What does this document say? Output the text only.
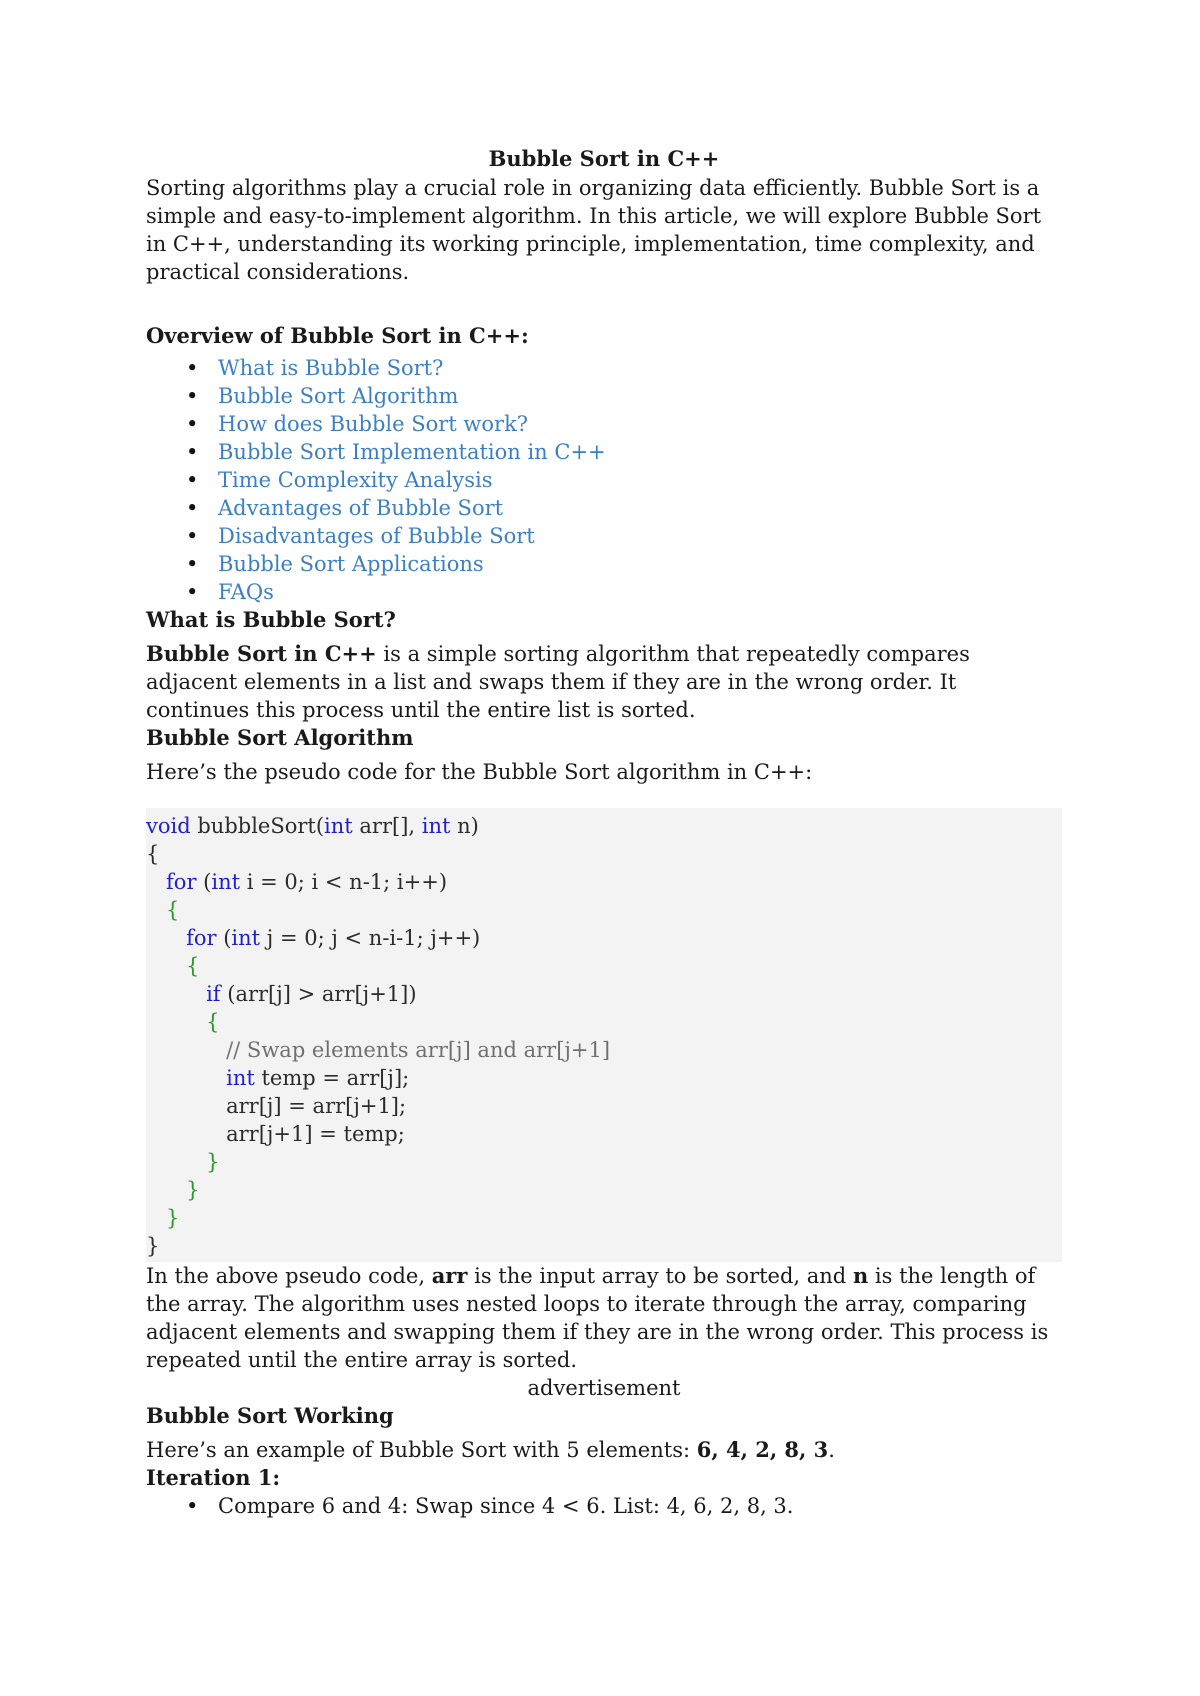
Bubble Sort in C++

Sorting algorithms play a crucial role in organizing data efficiently. Bubble Sort is a simple and easy-to-implement algorithm. In this article, we will explore Bubble Sort in C++, understanding its working principle, implementation, time complexity, and practical considerations.

Overview of Bubble Sort in C++:
• What is Bubble Sort?
• Bubble Sort Algorithm
• How does Bubble Sort work?
• Bubble Sort Implementation in C++
• Time Complexity Analysis
• Advantages of Bubble Sort
• Disadvantages of Bubble Sort
• Bubble Sort Applications
• FAQs
What is Bubble Sort?

Bubble Sort in C++ is a simple sorting algorithm that repeatedly compares adjacent elements in a list and swaps them if they are in the wrong order. It continues this process until the entire list is sorted.

Bubble Sort Algorithm

Here’s the pseudo code for the Bubble Sort algorithm in C++:

void bubbleSort(int arr[], int n)
{
for (int i = 0; i < n-1; i++)
{
for (int j = 0; j < n-i-1; j++)
{
if (arr[j] > arr[j+1])
{
// Swap elements arr[j] and arr[j+1]
int temp = arr[j];
arr[j] = arr[j+1];
arr[j+1] = temp;
}
}
}
}

In the above pseudo code, arr is the input array to be sorted, and n is the length of the array. The algorithm uses nested loops to iterate through the array, comparing adjacent elements and swapping them if they are in the wrong order. This process is repeated until the entire array is sorted.

advertisement

Bubble Sort Working

Here’s an example of Bubble Sort with 5 elements: 6, 4, 2, 8, 3.

Iteration 1:
• Compare 6 and 4: Swap since 4 < 6. List: 4, 6, 2, 8, 3.
